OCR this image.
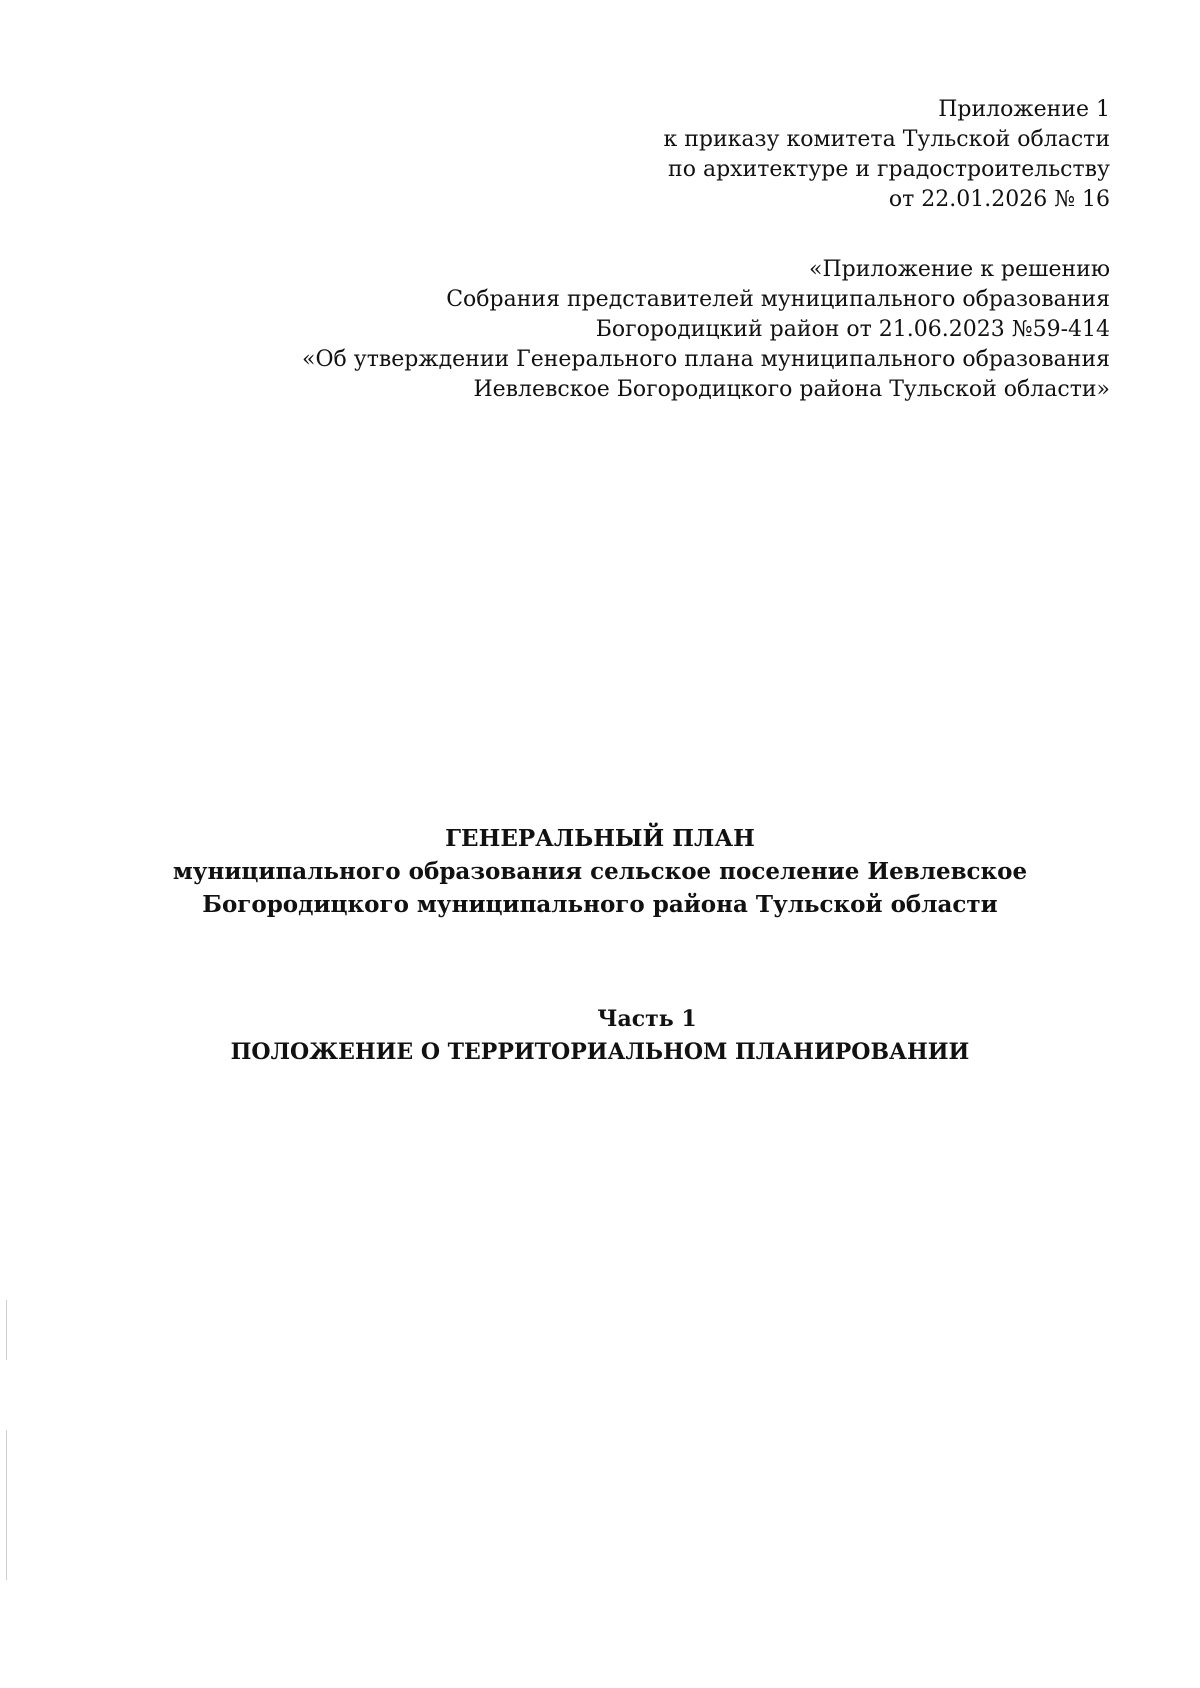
Приложение 1
к приказу комитета Тульской области
по архитектуре и градостроительству
от 22.01.2026 № 16
«Приложение к решению
Собрания представителей муниципального образования
Богородицкий район от 21.06.2023 №59-414
«Об утверждении Генерального плана муниципального образования
Иевлевское Богородицкого района Тульской области»
ГЕНЕРАЛЬНЫЙ ПЛАН
муниципального образования сельское поселение Иевлевское
Богородицкого муниципального района Тульской области
Часть 1
ПОЛОЖЕНИЕ О ТЕРРИТОРИАЛЬНОМ ПЛАНИРОВАНИИ
